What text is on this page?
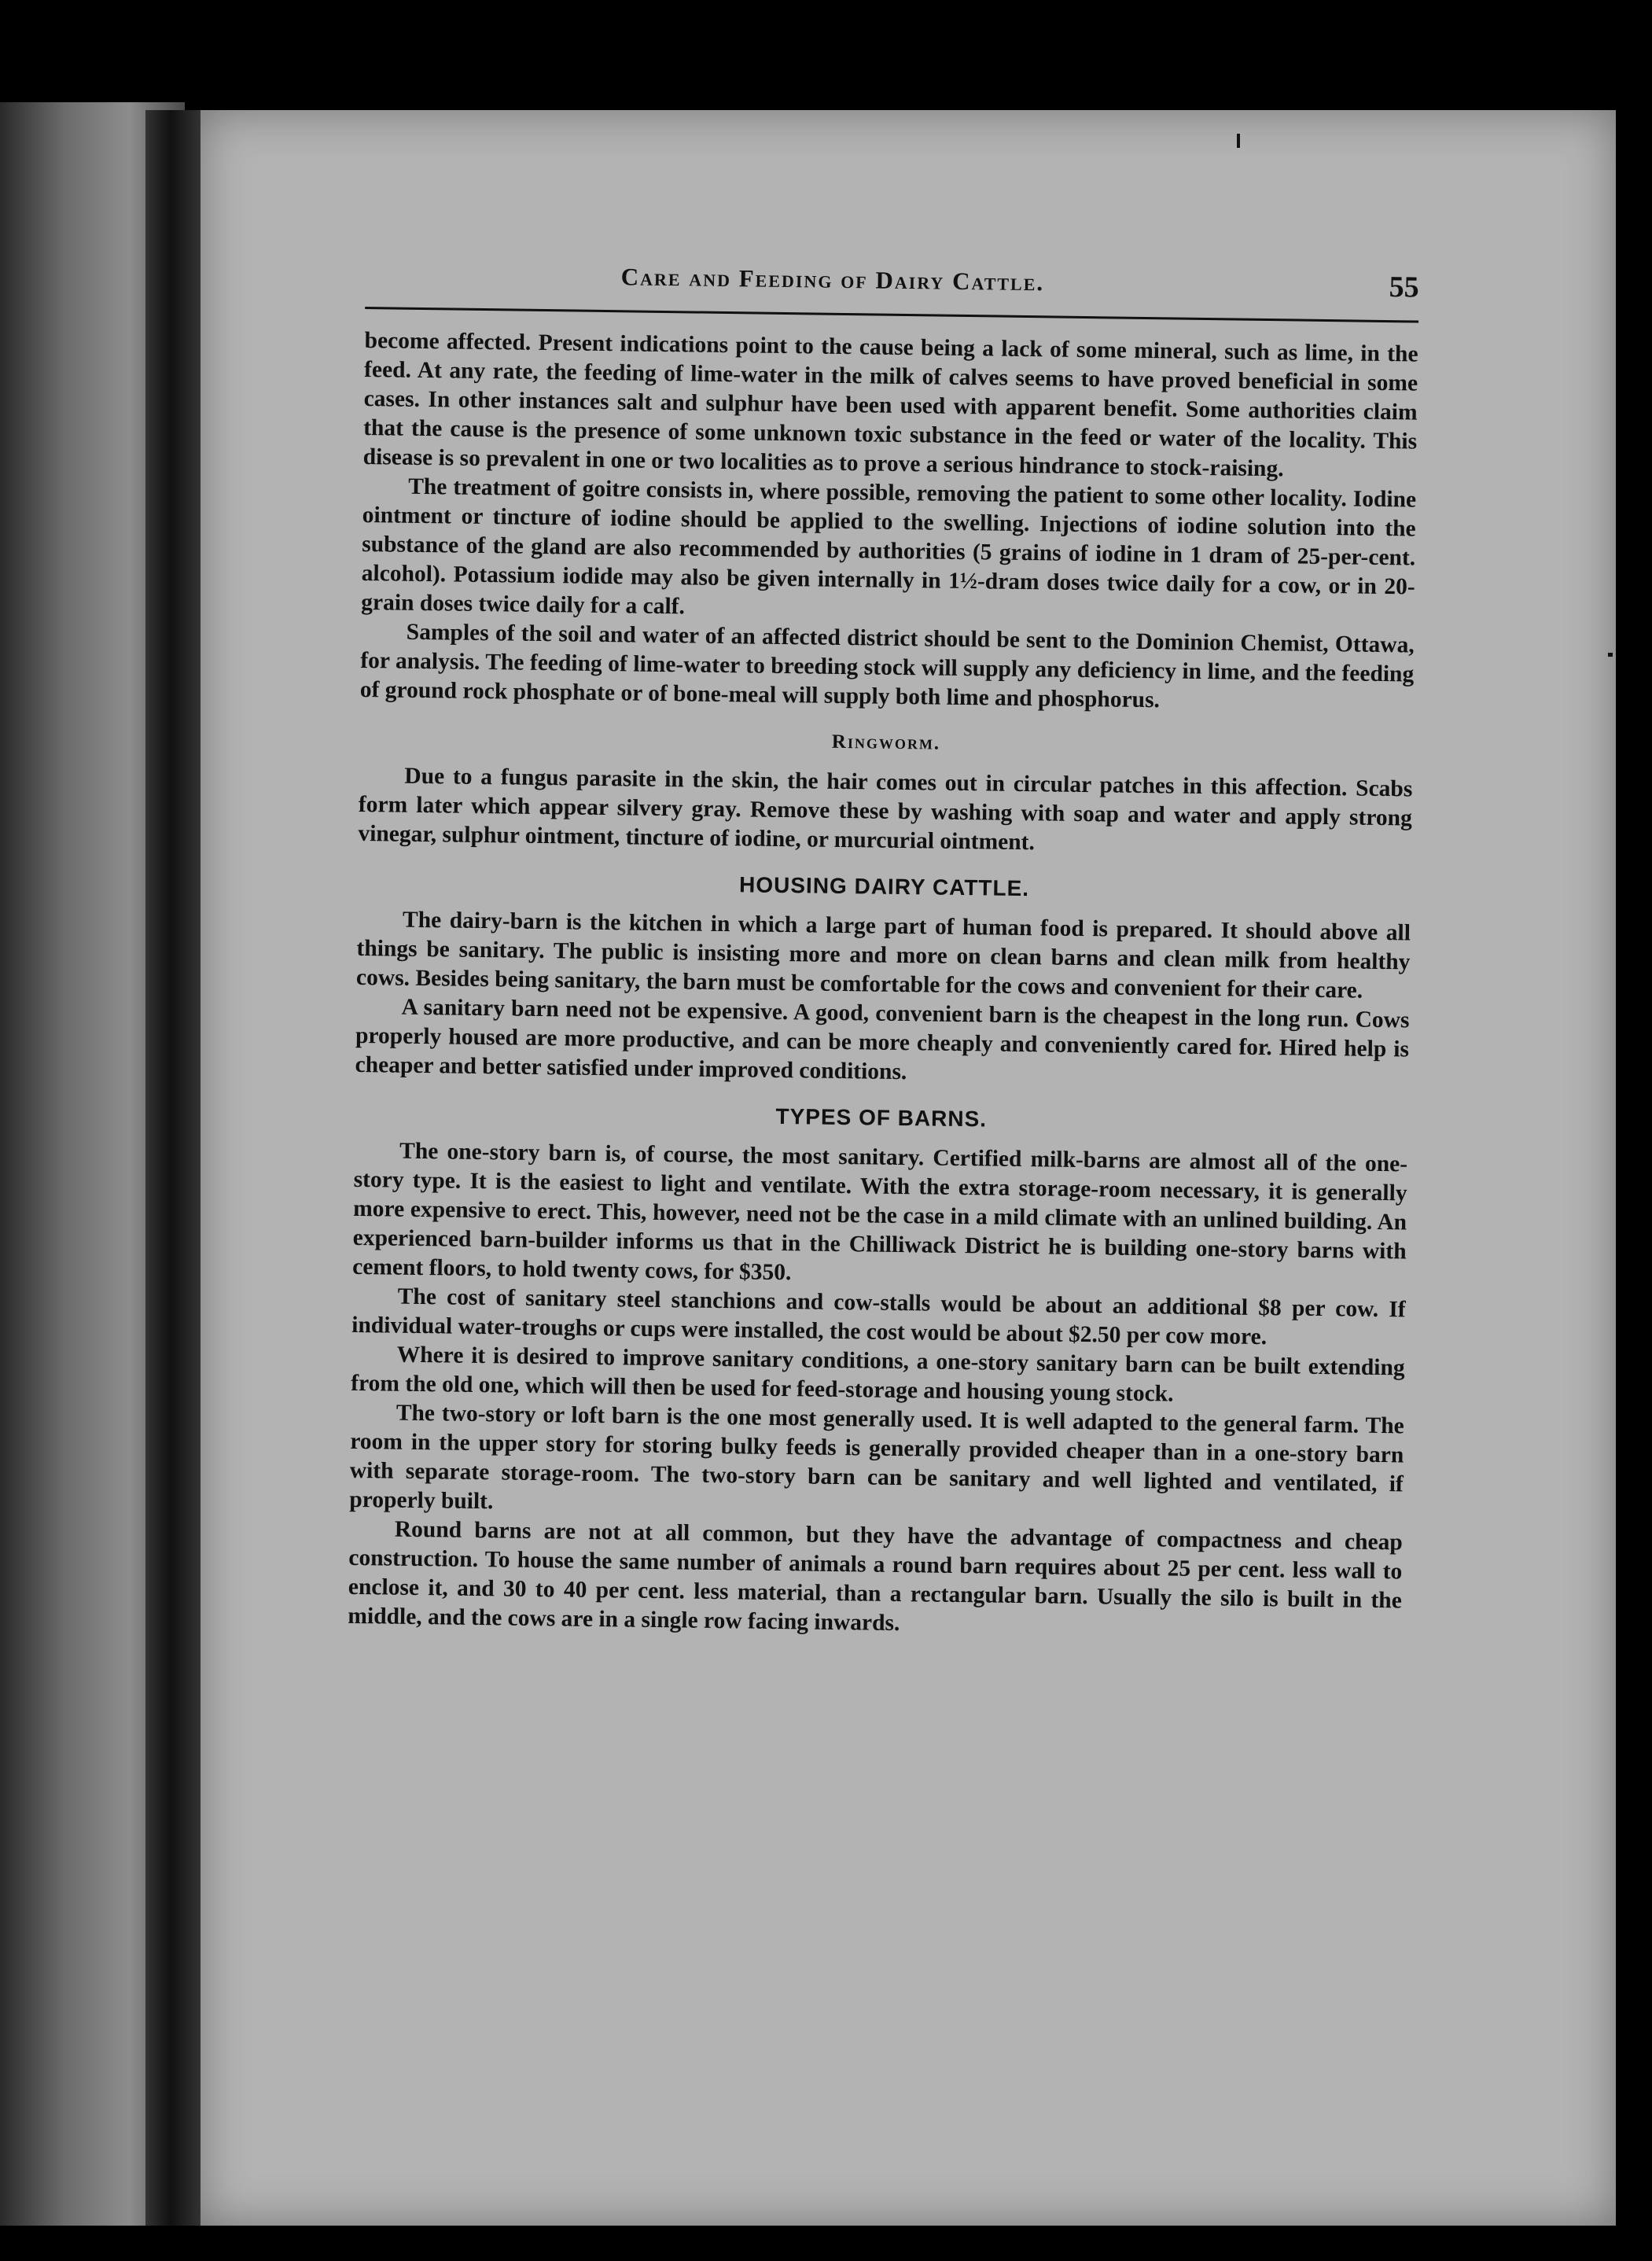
Care and Feeding of Dairy Cattle.	55

become affected. Present indications point to the cause being a lack of some mineral, such as lime, in the feed. At any rate, the feeding of lime-water in the milk of calves seems to have proved beneficial in some cases. In other instances salt and sulphur have been used with apparent benefit. Some authorities claim that the cause is the presence of some unknown toxic substance in the feed or water of the locality. This disease is so prevalent in one or two localities as to prove a serious hindrance to stock-raising.

The treatment of goitre consists in, where possible, removing the patient to some other locality. Iodine ointment or tincture of iodine should be applied to the swelling. Injections of iodine solution into the substance of the gland are also recommended by authorities (5 grains of iodine in 1 dram of 25-per-cent. alcohol). Potassium iodide may also be given internally in 1½-dram doses twice daily for a cow, or in 20-grain doses twice daily for a calf.

Samples of the soil and water of an affected district should be sent to the Dominion Chemist, Ottawa, for analysis. The feeding of lime-water to breeding stock will supply any deficiency in lime, and the feeding of ground rock phosphate or of bone-meal will supply both lime and phosphorus.

Ringworm.

Due to a fungus parasite in the skin, the hair comes out in circular patches in this affection. Scabs form later which appear silvery gray. Remove these by washing with soap and water and apply strong vinegar, sulphur ointment, tincture of iodine, or murcurial ointment.

HOUSING DAIRY CATTLE.

The dairy-barn is the kitchen in which a large part of human food is prepared. It should above all things be sanitary. The public is insisting more and more on clean barns and clean milk from healthy cows. Besides being sanitary, the barn must be comfortable for the cows and convenient for their care.

A sanitary barn need not be expensive. A good, convenient barn is the cheapest in the long run. Cows properly housed are more productive, and can be more cheaply and conveniently cared for. Hired help is cheaper and better satisfied under improved conditions.

TYPES OF BARNS.

The one-story barn is, of course, the most sanitary. Certified milk-barns are almost all of the one-story type. It is the easiest to light and ventilate. With the extra storage-room necessary, it is generally more expensive to erect. This, however, need not be the case in a mild climate with an unlined building. An experienced barn-builder informs us that in the Chilliwack District he is building one-story barns with cement floors, to hold twenty cows, for $350.

The cost of sanitary steel stanchions and cow-stalls would be about an additional $8 per cow. If individual water-troughs or cups were installed, the cost would be about $2.50 per cow more.

Where it is desired to improve sanitary conditions, a one-story sanitary barn can be built extending from the old one, which will then be used for feed-storage and housing young stock.

The two-story or loft barn is the one most generally used. It is well adapted to the general farm. The room in the upper story for storing bulky feeds is generally provided cheaper than in a one-story barn with separate storage-room. The two-story barn can be sanitary and well lighted and ventilated, if properly built.

Round barns are not at all common, but they have the advantage of compactness and cheap construction. To house the same number of animals a round barn requires about 25 per cent. less wall to enclose it, and 30 to 40 per cent. less material, than a rectangular barn. Usually the silo is built in the middle, and the cows are in a single row facing inwards.
